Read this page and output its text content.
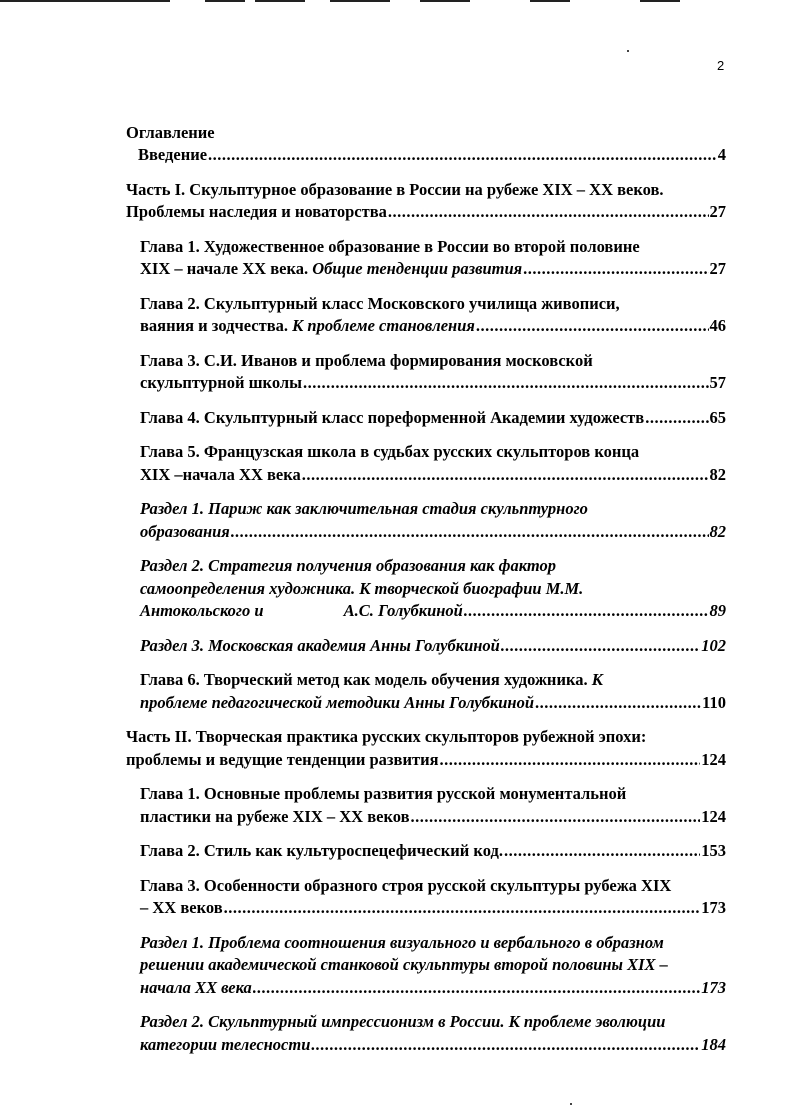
2
Оглавление
Введение .....	4
Часть I. Скульптурное образование в России на рубеже XIX – XX веков.
Проблемы наследия и новаторства .....	27
Глава 1. Художественное образование в России во второй половине
XIX – начале XX века. Общие тенденции развития .....	27
Глава 2. Скульптурный класс Московского училища живописи,
ваяния и зодчества. К проблеме становления .....	46
Глава 3. С.И. Иванов и проблема формирования московской
скульптурной школы .....	57
Глава 4. Скульптурный класс пореформенной Академии художеств .....	65
Глава 5. Французская школа в судьбах русских скульпторов конца
XIX –начала XX века .....	82
Раздел 1. Париж как заключительная стадия скульптурного
образования .....	82
Раздел 2. Стратегия получения образования как фактор
самоопределения художника. К творческой биографии М.М.
Антокольского и	А.С. Голубкиной .....	89
Раздел 3. Московская академия Анны Голубкиной .....	102
Глава 6. Творческий метод как модель обучения художника. К
проблеме педагогической методики Анны Голубкиной .....	110
Часть II. Творческая практика русских скульпторов рубежной эпохи:
проблемы и ведущие тенденции развития .....	124
Глава 1. Основные проблемы развития русской монументальной
пластики на рубеже XIX – XX веков .....	124
Глава 2. Стиль как культуроспецефический код. .....	153
Глава 3. Особенности образного строя русской скульптуры рубежа XIX
– XX веков .....	173
Раздел 1. Проблема соотношения визуального и вербального в образном
решении академической станковой скульптуры второй половины XIX –
начала XX века .....	173
Раздел 2. Скульптурный импрессионизм в России. К проблеме эволюции
категории телесности .....	184
